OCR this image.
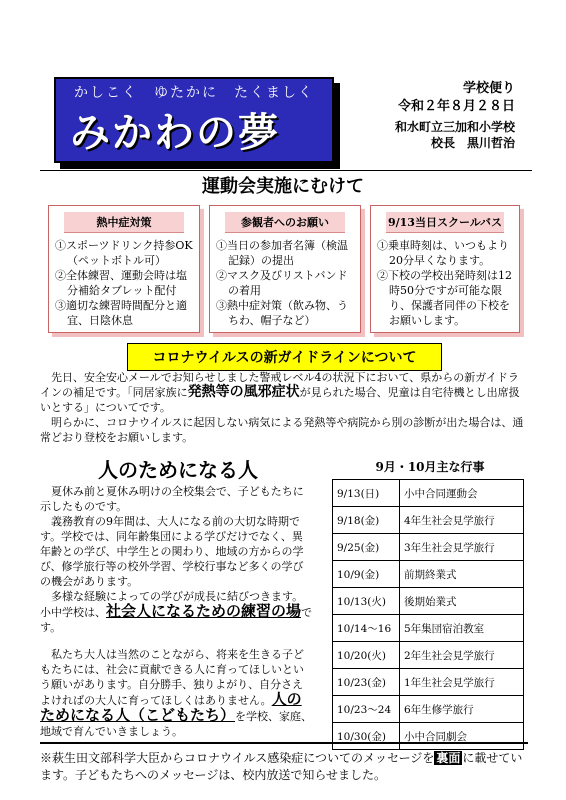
かしこく　ゆたかに　たくましく
みかわの夢
学校便り
令和２年８月２８日
和水町立三加和小学校
校長　黒川哲治
運動会実施にむけて
熱中症対策
①スポーツドリンク持参OK（ペットボトル可）
②全体練習、運動会時は塩分補給タブレット配付
③適切な練習時間配分と適宜、日陰休息
参観者へのお願い
①当日の参加者名簿（検温記録）の提出
②マスク及びリストバンドの着用
③熱中症対策（飲み物、うちわ、帽子など）
9/13当日スクールバス
①乗車時刻は、いつもより20分早くなります。
②下校の学校出発時刻は12時50分ですが可能な限り、保護者同伴の下校をお願いします。
コロナウイルスの新ガイドラインについて

先日、安全安心メールでお知らせしました警戒レベル4の状況下において、県からの新ガイドラインの補足です。「同居家族に発熱等の風邪症状が見られた場合、児童は自宅待機とし出席扱いとする」についてです。

明らかに、コロナウイルスに起因しない病気による発熱等や病院から別の診断が出た場合は、通常どおり登校をお願いします。

人のためになる人

夏休み前と夏休み明けの全校集会で、子どもたちに示したものです。

義務教育の9年間は、大人になる前の大切な時期です。学校では、同年齢集団による学びだけでなく、異年齢との学び、中学生との関わり、地域の方からの学び、修学旅行等の校外学習、学校行事など多くの学びの機会があります。

多様な経験によっての学びが成長に結びつきます。小中学校は、社会人になるための練習の場です。

私たち大人は当然のことながら、将来を生きる子どもたちには、社会に貢献できる人に育ってほしいという願いがあります。自分勝手、独りよがり、自分さえよければの大人に育ってほしくはありません。人のためになる人（こどもたち）を学校、家庭、地域で育んでいきましょう。

9月・10月主な行事
9/13(日)	小中合同運動会
9/18(金)	4年生社会見学旅行
9/25(金)	3年生社会見学旅行
10/9(金)	前期終業式
10/13(火)	後期始業式
10/14～16	5年集団宿泊教室
10/20(火)	2年生社会見学旅行
10/23(金)	1年生社会見学旅行
10/23～24	6年生修学旅行
10/30(金)	小中合同劇会
※萩生田文部科学大臣からコロナウイルス感染症についてのメッセージを 裏面 に載せています。子どもたちへのメッセージは、校内放送で知らせました。
